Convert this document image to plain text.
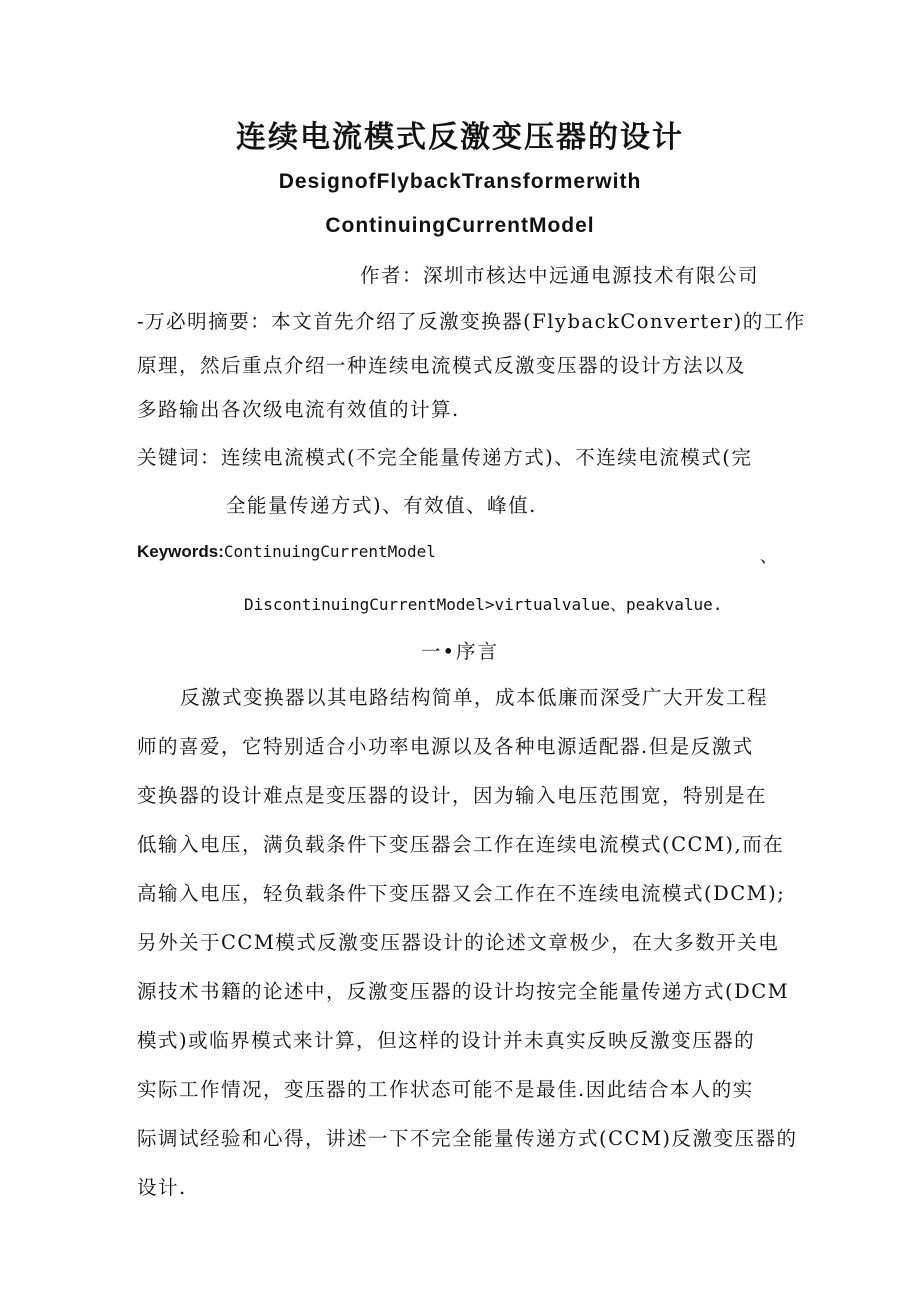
连续电流模式反激变压器的设计
DesignofFlybackTransformerwith
ContinuingCurrentModel
作者：深圳市核达中远通电源技术有限公司
-万必明摘要：本文首先介绍了反激变换器(FlybackConverter)的工作
原理，然后重点介绍一种连续电流模式反激变压器的设计方法以及
多路输出各次级电流有效值的计算.
关键词：连续电流模式(不完全能量传递方式)、不连续电流模式(完
全能量传递方式)、有效值、峰值.
Keywords:ContinuingCurrentModel	、
DiscontinuingCurrentModel>virtualvalue、peakvalue.
一•序言
反激式变换器以其电路结构简单，成本低廉而深受广大开发工程
师的喜爱，它特别适合小功率电源以及各种电源适配器.但是反激式
变换器的设计难点是变压器的设计，因为输入电压范围宽，特别是在
低输入电压，满负载条件下变压器会工作在连续电流模式(CCM),而在
高输入电压，轻负载条件下变压器又会工作在不连续电流模式(DCM);
另外关于CCM模式反激变压器设计的论述文章极少，在大多数开关电
源技术书籍的论述中，反激变压器的设计均按完全能量传递方式(DCM
模式)或临界模式来计算，但这样的设计并未真实反映反激变压器的
实际工作情况，变压器的工作状态可能不是最佳.因此结合本人的实
际调试经验和心得，讲述一下不完全能量传递方式(CCM)反激变压器的
设计.
